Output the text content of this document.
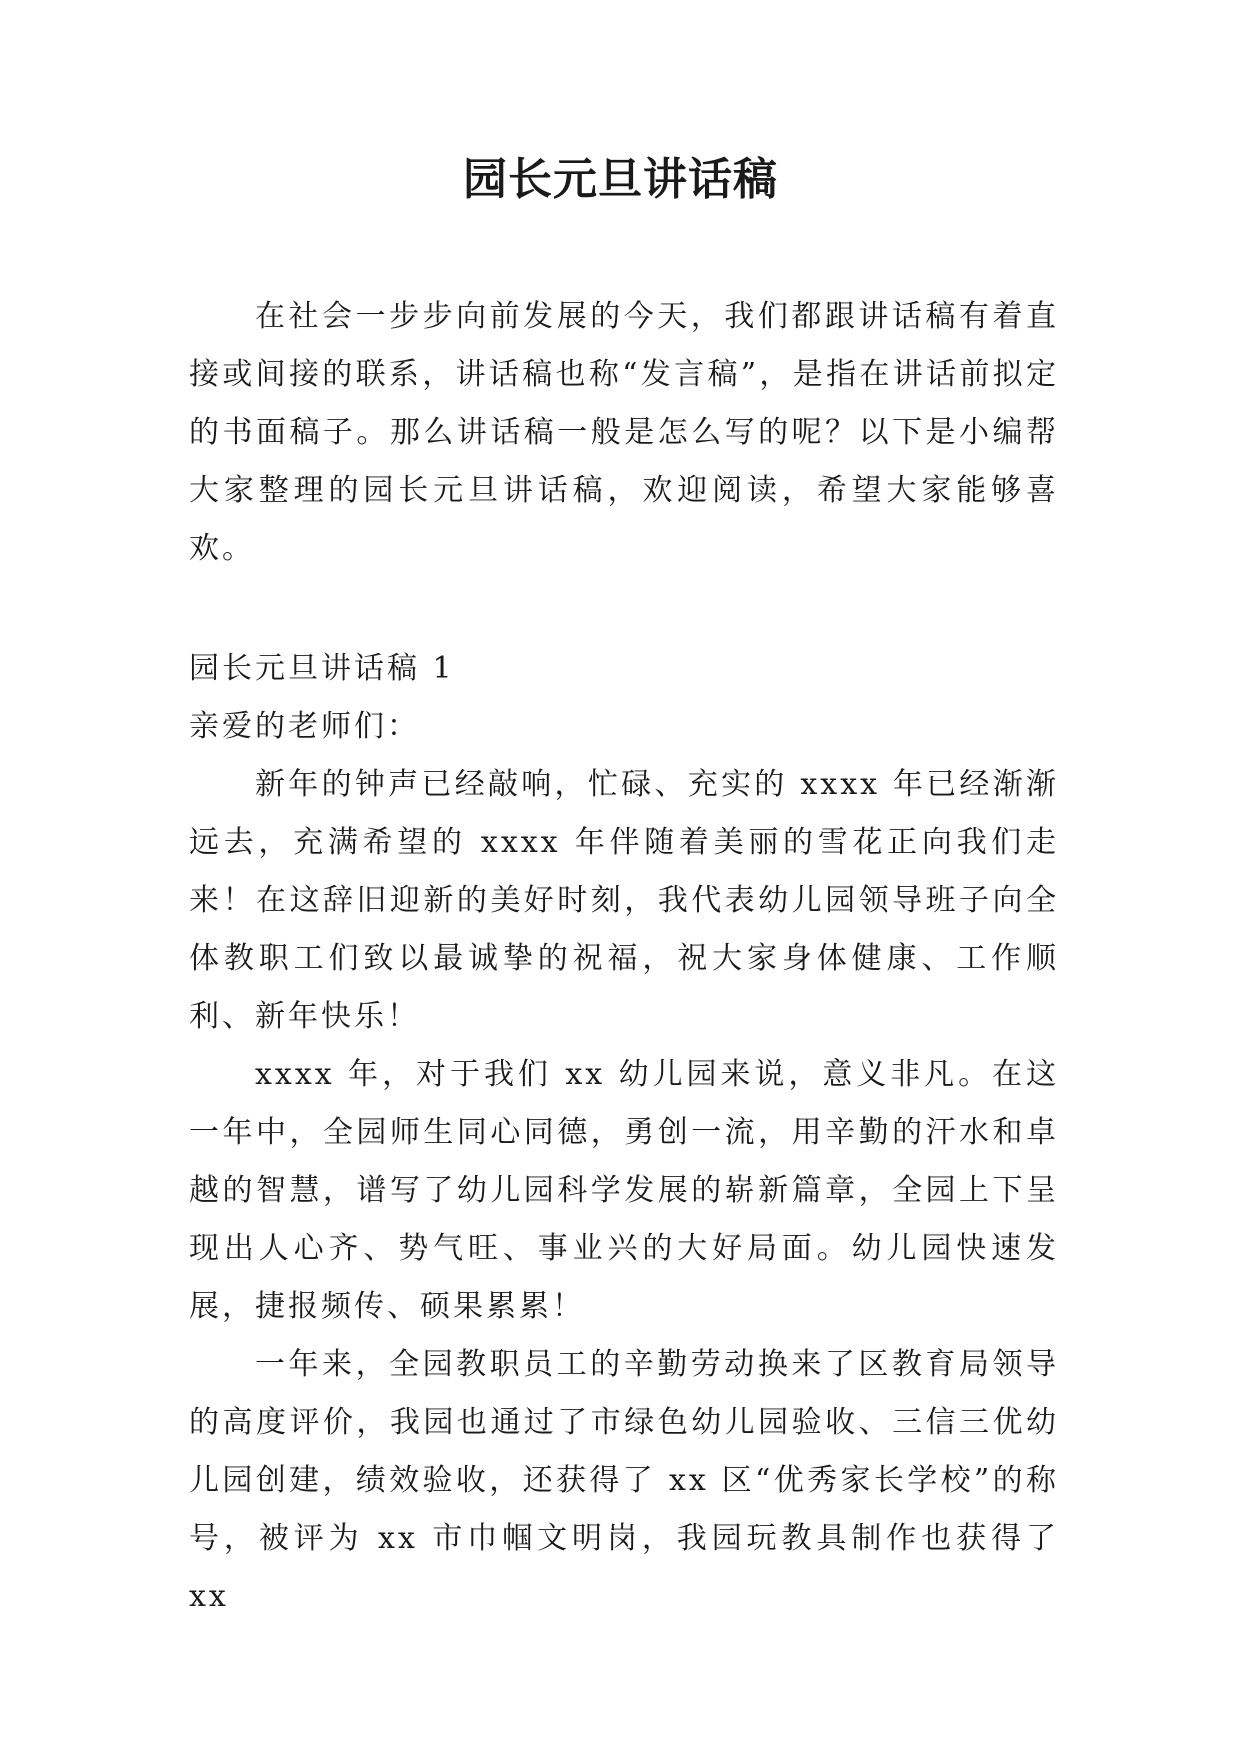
园长元旦讲话稿

在社会一步步向前发展的今天，我们都跟讲话稿有着直接或间接的联系，讲话稿也称“发言稿”，是指在讲话前拟定的书面稿子。那么讲话稿一般是怎么写的呢？以下是小编帮大家整理的园长元旦讲话稿，欢迎阅读，希望大家能够喜欢。

园长元旦讲话稿 1

亲爱的老师们：

新年的钟声已经敲响，忙碌、充实的 xxxx 年已经渐渐远去，充满希望的 xxxx 年伴随着美丽的雪花正向我们走来！在这辞旧迎新的美好时刻，我代表幼儿园领导班子向全体教职工们致以最诚挚的祝福，祝大家身体健康、工作顺利、新年快乐！

xxxx 年，对于我们 xx 幼儿园来说，意义非凡。在这一年中，全园师生同心同德，勇创一流，用辛勤的汗水和卓越的智慧，谱写了幼儿园科学发展的崭新篇章，全园上下呈现出人心齐、势气旺、事业兴的大好局面。幼儿园快速发展，捷报频传、硕果累累！

一年来，全园教职员工的辛勤劳动换来了区教育局领导的高度评价，我园也通过了市绿色幼儿园验收、三信三优幼儿园创建，绩效验收，还获得了 xx 区“优秀家长学校”的称号，被评为 xx 市巾帼文明岗，我园玩教具制作也获得了 xx
